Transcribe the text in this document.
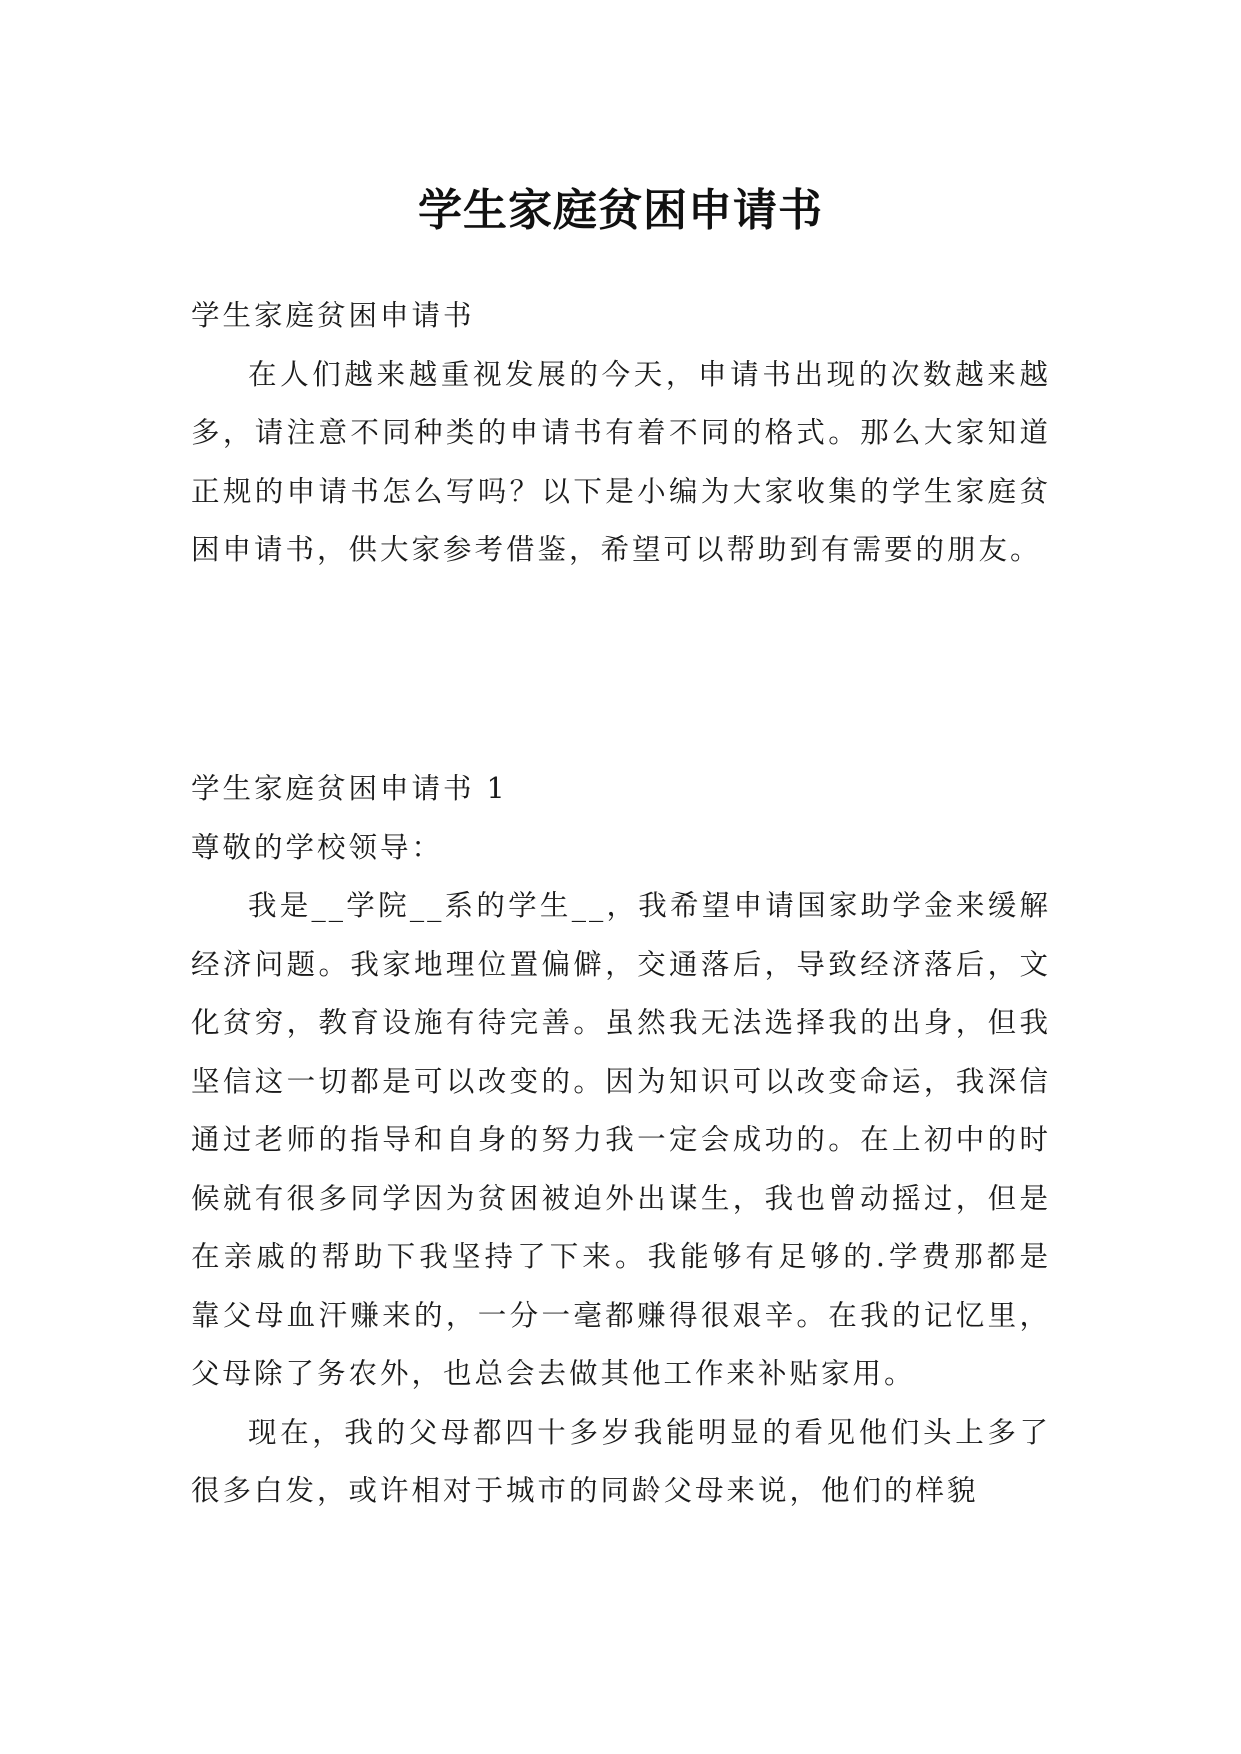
学生家庭贫困申请书

学生家庭贫困申请书

在人们越来越重视发展的今天，申请书出现的次数越来越多，请注意不同种类的申请书有着不同的格式。那么大家知道正规的申请书怎么写吗？以下是小编为大家收集的学生家庭贫困申请书，供大家参考借鉴，希望可以帮助到有需要的朋友。

学生家庭贫困申请书 1

尊敬的学校领导：

我是__学院__系的学生__，我希望申请国家助学金来缓解经济问题。我家地理位置偏僻，交通落后，导致经济落后，文化贫穷，教育设施有待完善。虽然我无法选择我的出身，但我坚信这一切都是可以改变的。因为知识可以改变命运，我深信通过老师的指导和自身的努力我一定会成功的。在上初中的时候就有很多同学因为贫困被迫外出谋生，我也曾动摇过，但是在亲戚的帮助下我坚持了下来。我能够有足够的.学费那都是靠父母血汗赚来的，一分一毫都赚得很艰辛。在我的记忆里，父母除了务农外，也总会去做其他工作来补贴家用。

现在，我的父母都四十多岁我能明显的看见他们头上多了很多白发，或许相对于城市的同龄父母来说，他们的样貌
